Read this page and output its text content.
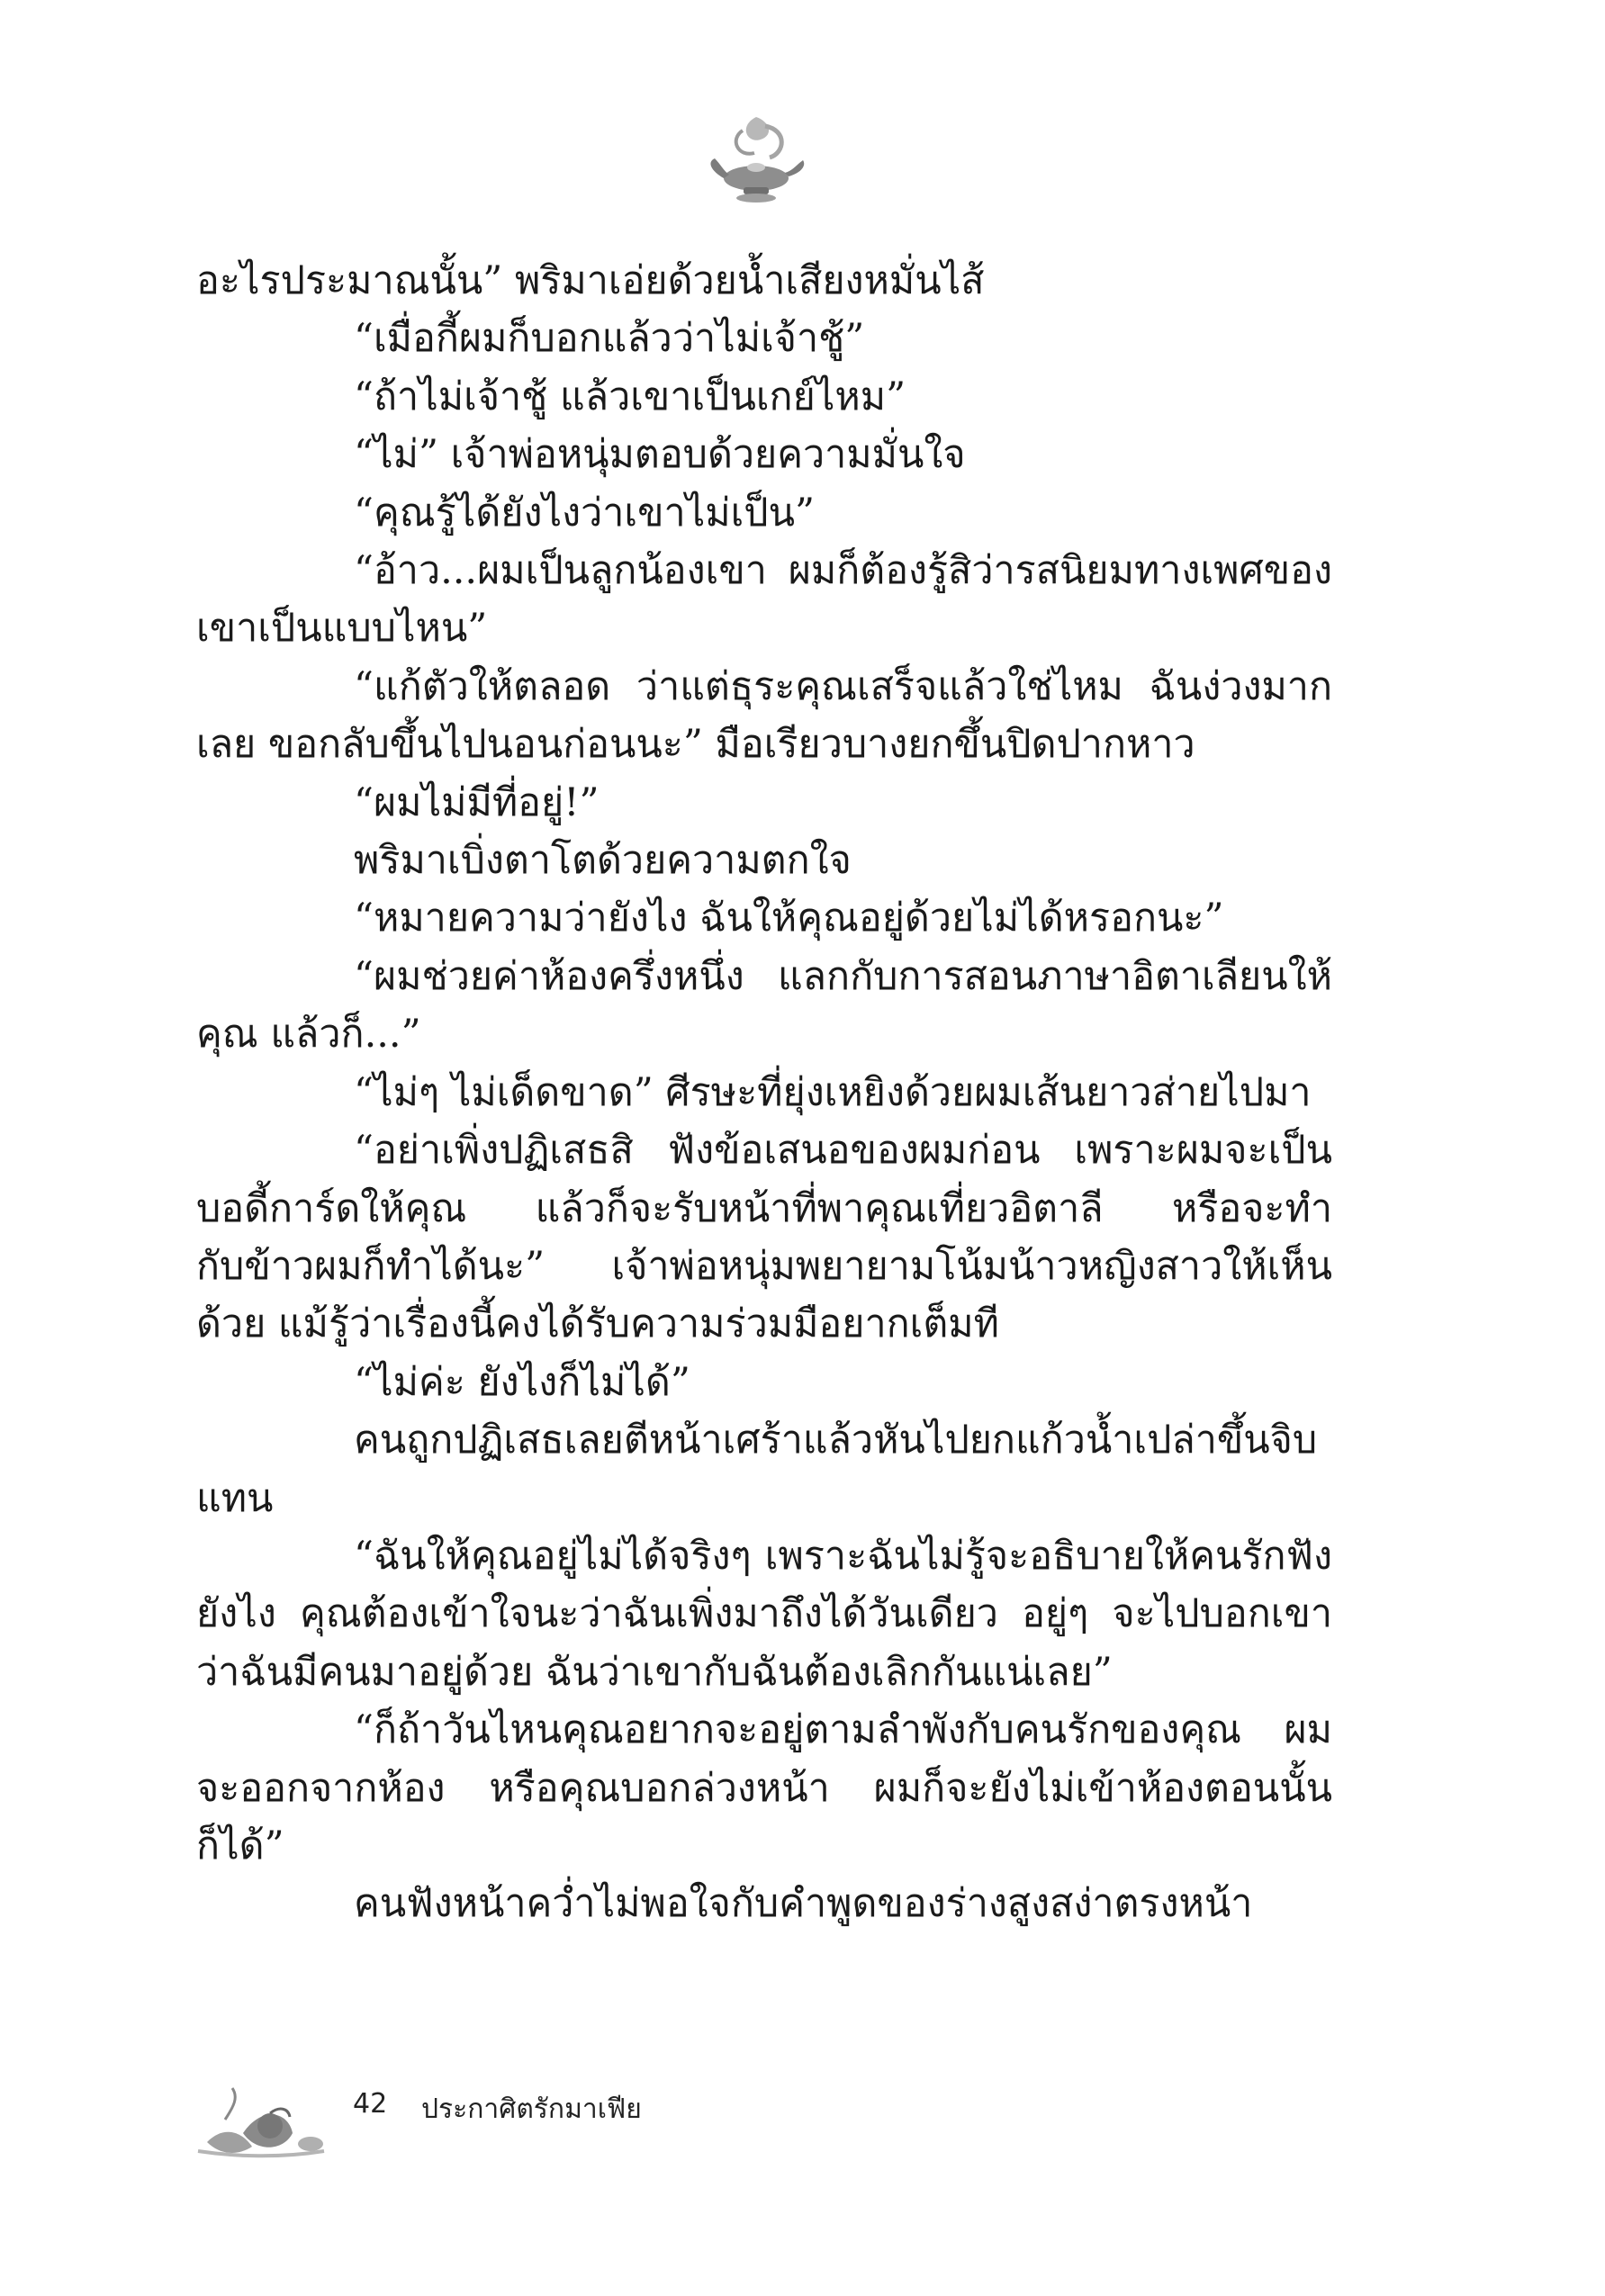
อะไรประมาณนั้น” พริมาเอ่ยด้วยน้ำเสียงหมั่นไส้

“เมื่อกี้ผมก็บอกแล้วว่าไม่เจ้าชู้”

“ถ้าไม่เจ้าชู้ แล้วเขาเป็นเกย์ไหม”

“ไม่” เจ้าพ่อหนุ่มตอบด้วยความมั่นใจ

“คุณรู้ได้ยังไงว่าเขาไม่เป็น”

“อ้าว...ผมเป็นลูกน้องเขา ผมก็ต้องรู้สิว่ารสนิยมทางเพศของเขาเป็นแบบไหน”

“แก้ตัวให้ตลอด ว่าแต่ธุระคุณเสร็จแล้วใช่ไหม ฉันง่วงมากเลย ขอกลับขึ้นไปนอนก่อนนะ” มือเรียวบางยกขึ้นปิดปากหาว

“ผมไม่มีที่อยู่!”

พริมาเบิ่งตาโตด้วยความตกใจ

“หมายความว่ายังไง ฉันให้คุณอยู่ด้วยไม่ได้หรอกนะ”

“ผมช่วยค่าห้องครึ่งหนึ่ง แลกกับการสอนภาษาอิตาเลียนให้คุณ แล้วก็...”

“ไม่ๆ ไม่เด็ดขาด” ศีรษะที่ยุ่งเหยิงด้วยผมเส้นยาวส่ายไปมา

“อย่าเพิ่งปฏิเสธสิ ฟังข้อเสนอของผมก่อน เพราะผมจะเป็นบอดี้การ์ดให้คุณ แล้วก็จะรับหน้าที่พาคุณเที่ยวอิตาลี หรือจะทำกับข้าวผมก็ทำได้นะ” เจ้าพ่อหนุ่มพยายามโน้มน้าวหญิงสาวให้เห็นด้วย แม้รู้ว่าเรื่องนี้คงได้รับความร่วมมือยากเต็มที

“ไม่ค่ะ ยังไงก็ไม่ได้”

คนถูกปฏิเสธเลยตีหน้าเศร้าแล้วหันไปยกแก้วน้ำเปล่าขึ้นจิบแทน

“ฉันให้คุณอยู่ไม่ได้จริงๆ เพราะฉันไม่รู้จะอธิบายให้คนรักฟังยังไง คุณต้องเข้าใจนะว่าฉันเพิ่งมาถึงได้วันเดียว อยู่ๆ จะไปบอกเขาว่าฉันมีคนมาอยู่ด้วย ฉันว่าเขากับฉันต้องเลิกกันแน่เลย”

“ก็ถ้าวันไหนคุณอยากจะอยู่ตามลำพังกับคนรักของคุณ ผมจะออกจากห้อง หรือคุณบอกล่วงหน้า ผมก็จะยังไม่เข้าห้องตอนนั้นก็ได้”

คนฟังหน้าคว่ำไม่พอใจกับคำพูดของร่างสูงสง่าตรงหน้า

42 ประกาศิตรักมาเฟีย
